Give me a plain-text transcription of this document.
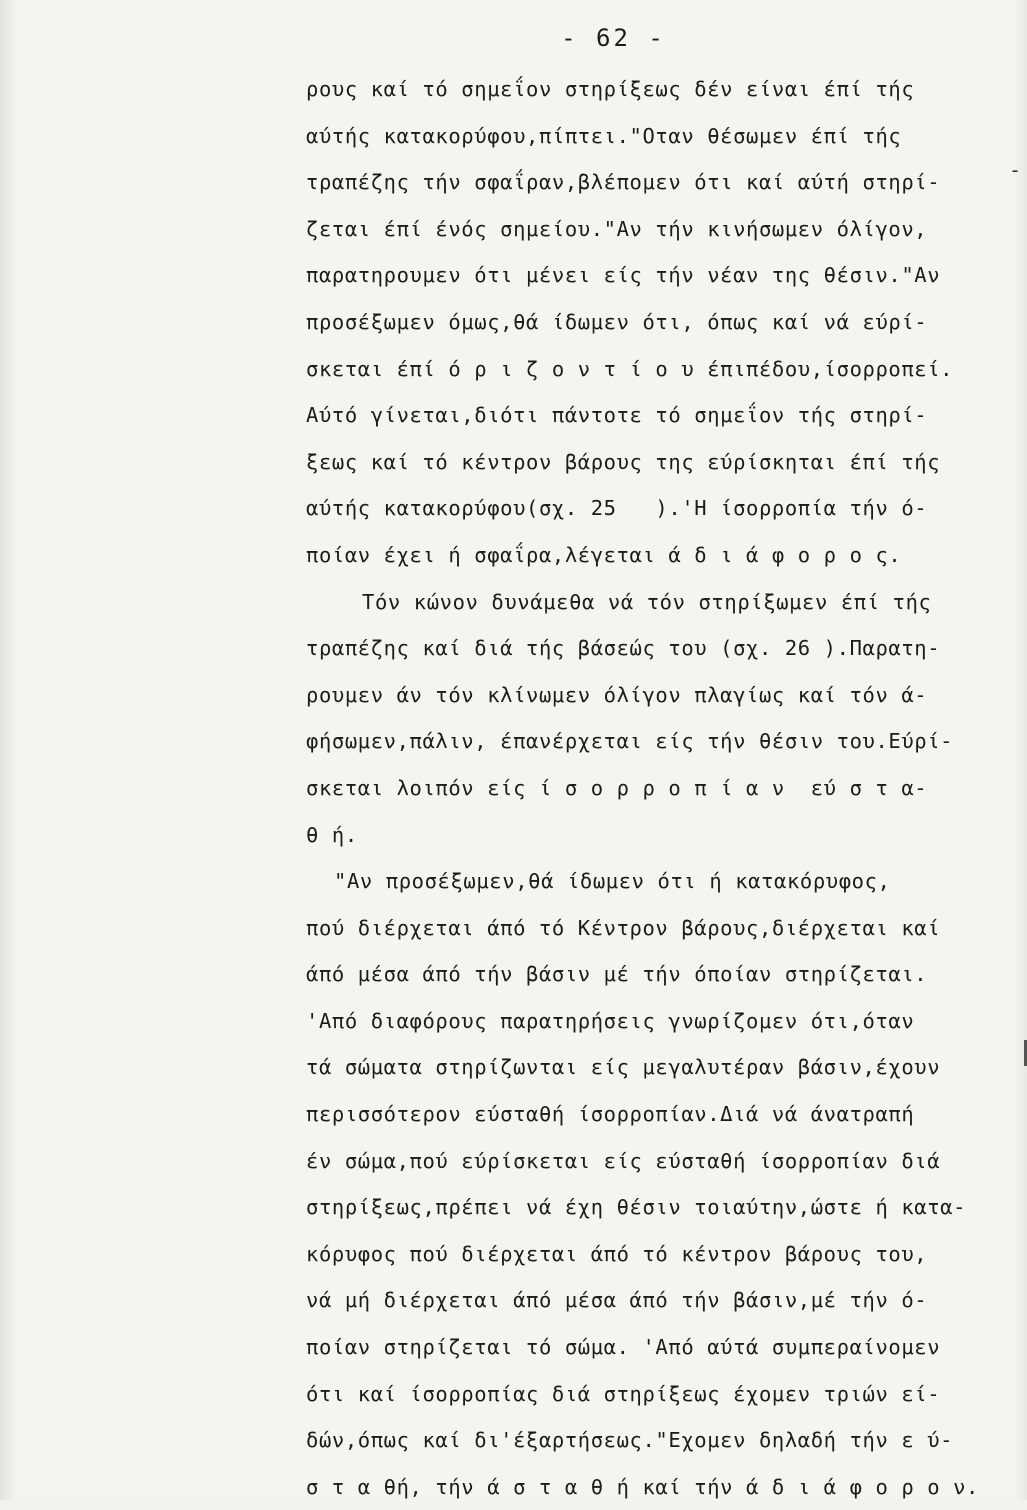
- 62 -
ρους καί τό σημεΐον στηρίξεως δέν είναι έπί τής
αύτής κατακορύφου,πίπτει."Οταν θέσωμεν έπί τής
τραπέζης τήν σφαΐραν,βλέπομεν ότι καί αύτή στηρί-
ζεται έπί ένός σημείου."Αν τήν κινήσωμεν όλίγον,
παρατηρουμεν ότι μένει είς τήν νέαν της θέσιν."Αν
προσέξωμεν όμως,θά ίδωμεν ότι, όπως καί νά εύρί-
σκεται έπί ό ρ ι ζ ο ν τ ί ο υ έπιπέδου,ίσορροπεί.
Αύτό γίνεται,διότι πάντοτε τό σημεΐον τής στηρί-
ξεως καί τό κέντρον βάρους της εύρίσκηται έπί τής
αύτής κατακορύφου(σχ. 25   ).'Η ίσορροπία τήν ό-
ποίαν έχει ή σφαΐρα,λέγεται ά δ ι ά φ ο ρ ο ς.
Τόν κώνον δυνάμεθα νά τόν στηρίξωμεν έπί τής
τραπέζης καί διά τής βάσεώς του (σχ. 26 ).Παρατη-
ρουμεν άν τόν κλίνωμεν όλίγον πλαγίως καί τόν ά-
φήσωμεν,πάλιν, έπανέρχεται είς τήν θέσιν του.Εύρί-
σκεται λοιπόν είς ί σ ο ρ ρ ο π ί α ν  εύ σ τ α-
θ ή.
"Αν προσέξωμεν,θά ίδωμεν ότι ή κατακόρυφος,
πού διέρχεται άπό τό Κέντρον βάρους,διέρχεται καί
άπό μέσα άπό τήν βάσιν μέ τήν όποίαν στηρίζεται.
'Από διαφόρους παρατηρήσεις γνωρίζομεν ότι,όταν
τά σώματα στηρίζωνται είς μεγαλυτέραν βάσιν,έχουν
περισσότερον εύσταθή ίσορροπίαν.Διά νά άνατραπή
έν σώμα,πού εύρίσκεται είς εύσταθή ίσορροπίαν διά
στηρίξεως,πρέπει νά έχη θέσιν τοιαύτην,ώστε ή κατα-
κόρυφος πού διέρχεται άπό τό κέντρον βάρους του,
νά μή διέρχεται άπό μέσα άπό τήν βάσιν,μέ τήν ό-
ποίαν στηρίζεται τό σώμα. 'Από αύτά συμπεραίνομεν
ότι καί ίσορροπίας διά στηρίξεως έχομεν τριών εί-
δών,όπως καί δι'έξαρτήσεως."Εχομεν δηλαδή τήν ε ύ-
σ τ α θή, τήν ά σ τ α θ ή καί τήν ά δ ι ά φ ο ρ ο ν.
-
